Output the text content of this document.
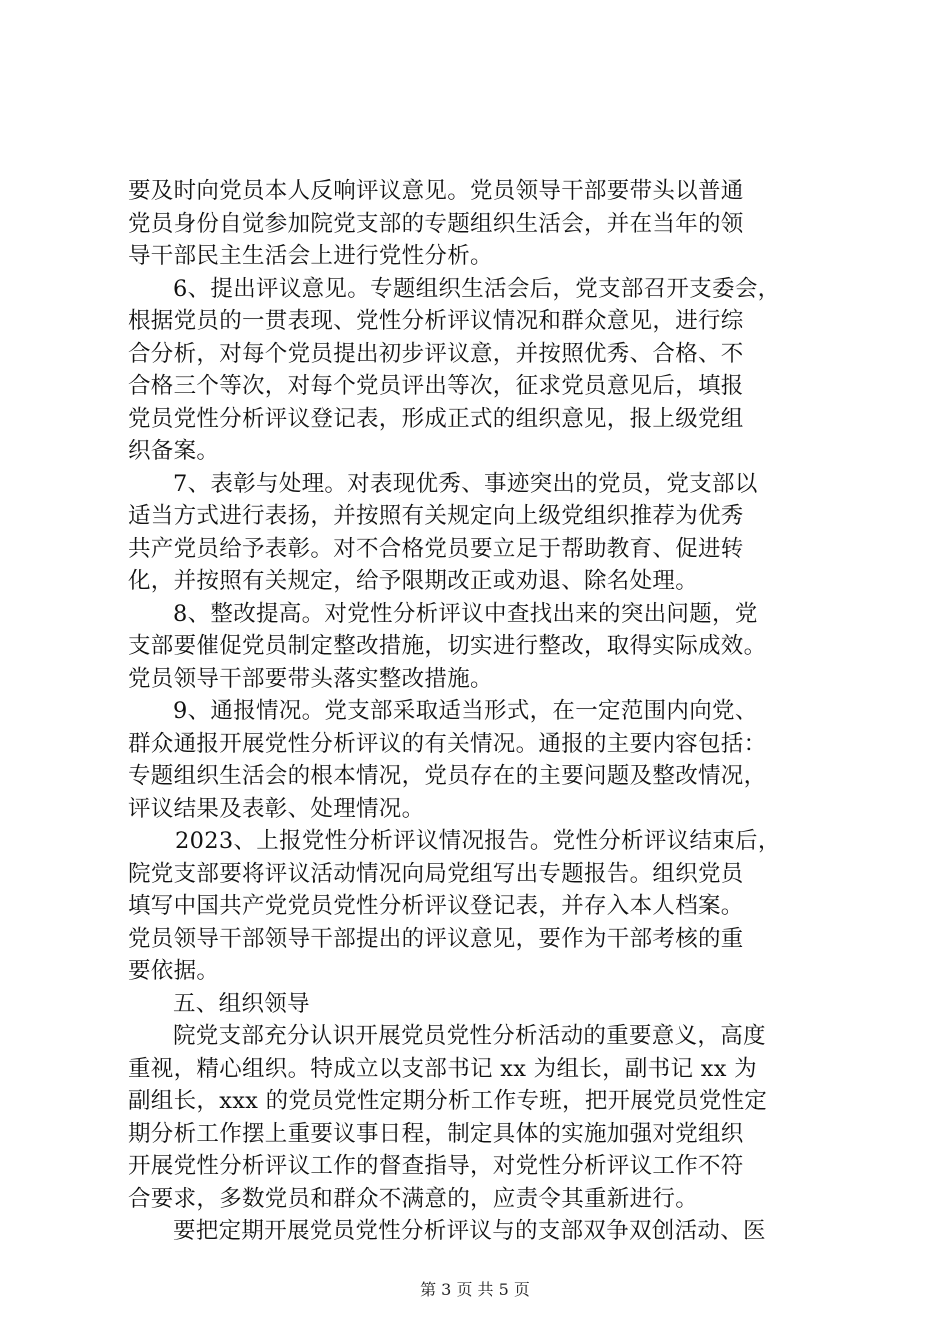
要及时向党员本人反响评议意见。党员领导干部要带头以普通
党员身份自觉参加院党支部的专题组织生活会，并在当年的领
导干部民主生活会上进行党性分析。
6、提出评议意见。专题组织生活会后，党支部召开支委会，
根据党员的一贯表现、党性分析评议情况和群众意见，进行综
合分析，对每个党员提出初步评议意，并按照优秀、合格、不
合格三个等次，对每个党员评出等次，征求党员意见后，填报
党员党性分析评议登记表，形成正式的组织意见，报上级党组
织备案。
7、表彰与处理。对表现优秀、事迹突出的党员，党支部以
适当方式进行表扬，并按照有关规定向上级党组织推荐为优秀
共产党员给予表彰。对不合格党员要立足于帮助教育、促进转
化，并按照有关规定，给予限期改正或劝退、除名处理。
8、整改提高。对党性分析评议中查找出来的突出问题，党
支部要催促党员制定整改措施，切实进行整改，取得实际成效。
党员领导干部要带头落实整改措施。
9、通报情况。党支部采取适当形式，在一定范围内向党、
群众通报开展党性分析评议的有关情况。通报的主要内容包括：
专题组织生活会的根本情况，党员存在的主要问题及整改情况，
评议结果及表彰、处理情况。
2023、上报党性分析评议情况报告。党性分析评议结束后，
院党支部要将评议活动情况向局党组写出专题报告。组织党员
填写中国共产党党员党性分析评议登记表，并存入本人档案。
党员领导干部领导干部提出的评议意见，要作为干部考核的重
要依据。
五、组织领导
院党支部充分认识开展党员党性分析活动的重要意义，高度
重视，精心组织。特成立以支部书记 xx 为组长，副书记 xx 为
副组长，xxx 的党员党性定期分析工作专班，把开展党员党性定
期分析工作摆上重要议事日程，制定具体的实施加强对党组织
开展党性分析评议工作的督查指导，对党性分析评议工作不符
合要求，多数党员和群众不满意的，应责令其重新进行。
要把定期开展党员党性分析评议与的支部双争双创活动、医
第 3 页 共 5 页
